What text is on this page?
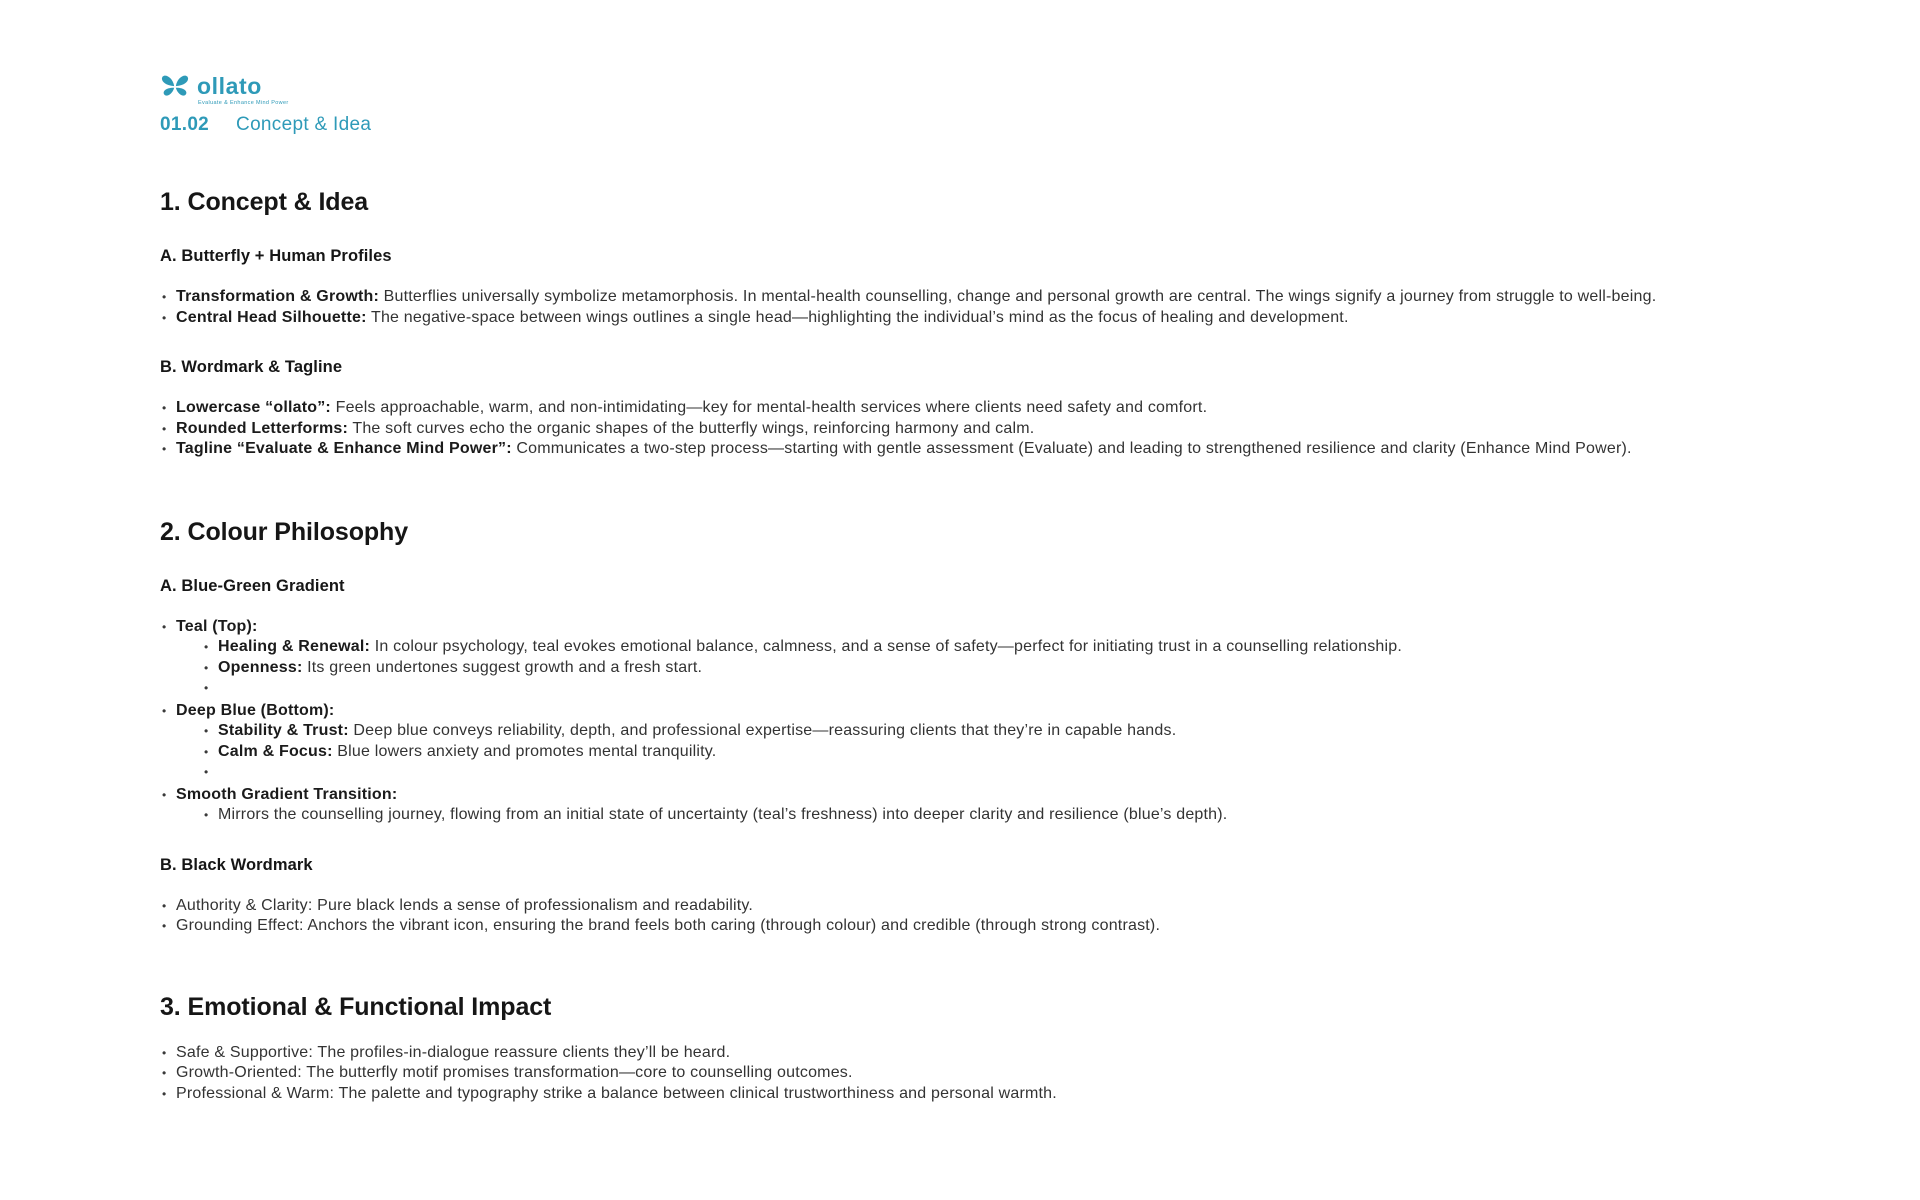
ollato
Evaluate & Enhance Mind Power
01.02 Concept & Idea
1. Concept & Idea
A. Butterfly + Human Profiles
• Transformation & Growth: Butterflies universally symbolize metamorphosis. In mental-health counselling, change and personal growth are central. The wings signify a journey from struggle to well-being.
• Central Head Silhouette: The negative-space between wings outlines a single head—highlighting the individual’s mind as the focus of healing and development.
B. Wordmark & Tagline
• Lowercase “ollato”: Feels approachable, warm, and non-intimidating—key for mental-health services where clients need safety and comfort.
• Rounded Letterforms: The soft curves echo the organic shapes of the butterfly wings, reinforcing harmony and calm.
• Tagline “Evaluate & Enhance Mind Power”: Communicates a two-step process—starting with gentle assessment (Evaluate) and leading to strengthened resilience and clarity (Enhance Mind Power).
2. Colour Philosophy
A. Blue-Green Gradient
• Teal (Top):
• Healing & Renewal: In colour psychology, teal evokes emotional balance, calmness, and a sense of safety—perfect for initiating trust in a counselling relationship.
• Openness: Its green undertones suggest growth and a fresh start.
•
• Deep Blue (Bottom):
• Stability & Trust: Deep blue conveys reliability, depth, and professional expertise—reassuring clients that they’re in capable hands.
• Calm & Focus: Blue lowers anxiety and promotes mental tranquility.
•
• Smooth Gradient Transition:
• Mirrors the counselling journey, flowing from an initial state of uncertainty (teal’s freshness) into deeper clarity and resilience (blue’s depth).
B. Black Wordmark
• Authority & Clarity: Pure black lends a sense of professionalism and readability.
• Grounding Effect: Anchors the vibrant icon, ensuring the brand feels both caring (through colour) and credible (through strong contrast).
3. Emotional & Functional Impact
• Safe & Supportive: The profiles-in-dialogue reassure clients they’ll be heard.
• Growth-Oriented: The butterfly motif promises transformation—core to counselling outcomes.
• Professional & Warm: The palette and typography strike a balance between clinical trustworthiness and personal warmth.
